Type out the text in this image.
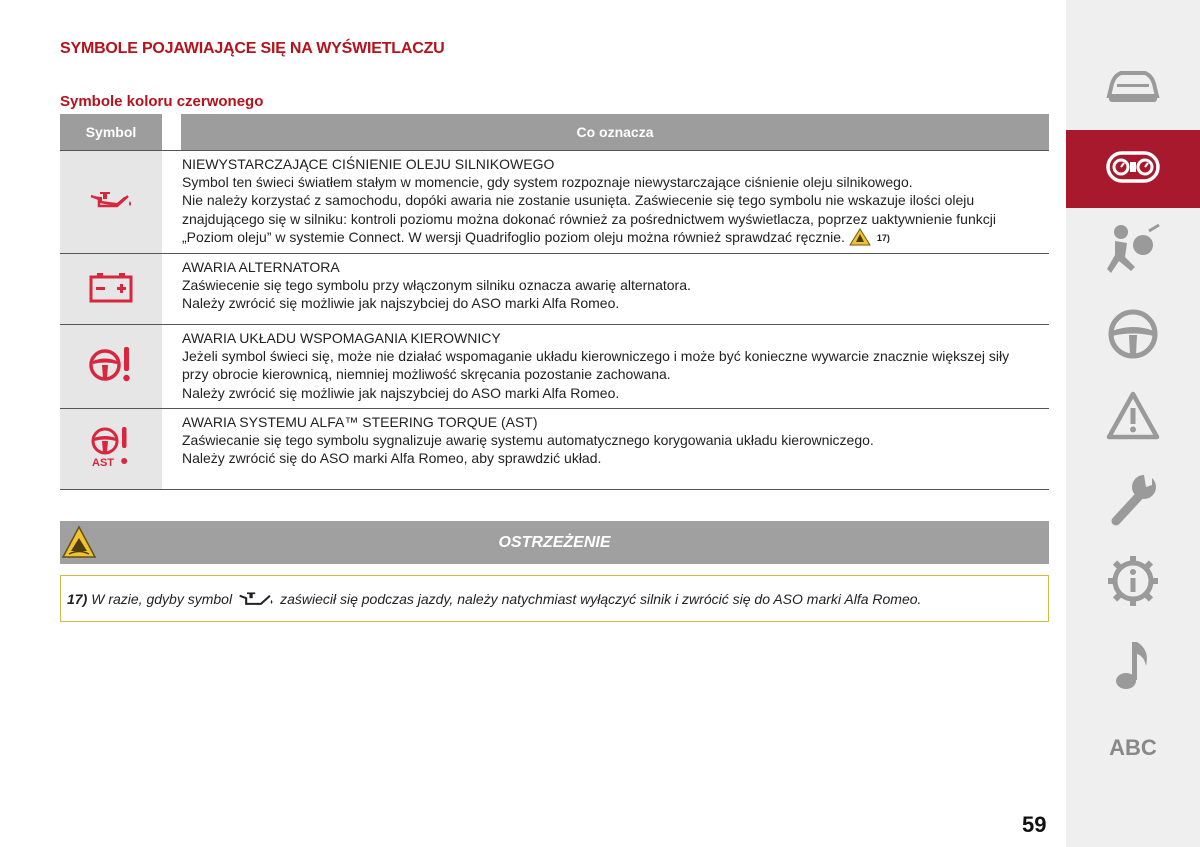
SYMBOLE POJAWIAJĄCE SIĘ NA WYŚWIETLACZU
Symbole koloru czerwonego
Symbol	Co oznacza
NIEWYSTARCZAJĄCE CIŚNIENIE OLEJU SILNIKOWEGO

Symbol ten świeci światłem stałym w momencie, gdy system rozpoznaje niewystarczające ciśnienie oleju silnikowego.

Nie należy korzystać z samochodu, dopóki awaria nie zostanie usunięta. Zaświecenie się tego symbolu nie wskazuje ilości oleju znajdującego się w silniku: kontroli poziomu można dokonać również za pośrednictwem wyświetlacza, poprzez uaktywnienie funkcji „Poziom oleju” w systemie Connect. W wersji Quadrifoglio poziom oleju można również sprawdzać ręcznie.	17)

AWARIA ALTERNATORA

Zaświecenie się tego symbolu przy włączonym silniku oznacza awarię alternatora.

Należy zwrócić się możliwie jak najszybciej do ASO marki Alfa Romeo.

AWARIA UKŁADU WSPOMAGANIA KIEROWNICY

Jeżeli symbol świeci się, może nie działać wspomaganie układu kierowniczego i może być konieczne wywarcie znacznie większej siły przy obrocie kierownicą, niemniej możliwość skręcania pozostanie zachowana.

Należy zwrócić się możliwie jak najszybciej do ASO marki Alfa Romeo.

AST
AWARIA SYSTEMU ALFA™ STEERING TORQUE (AST)

Zaświecanie się tego symbolu sygnalizuje awarię systemu automatycznego korygowania układu kierowniczego.

Należy zwrócić się do ASO marki Alfa Romeo, aby sprawdzić układ.

OSTRZEŻENIE
17) W razie, gdyby symbol	zaświecił się podczas jazdy, należy natychmiast wyłączyć silnik i zwrócić się do ASO marki Alfa Romeo.
ABC
59
